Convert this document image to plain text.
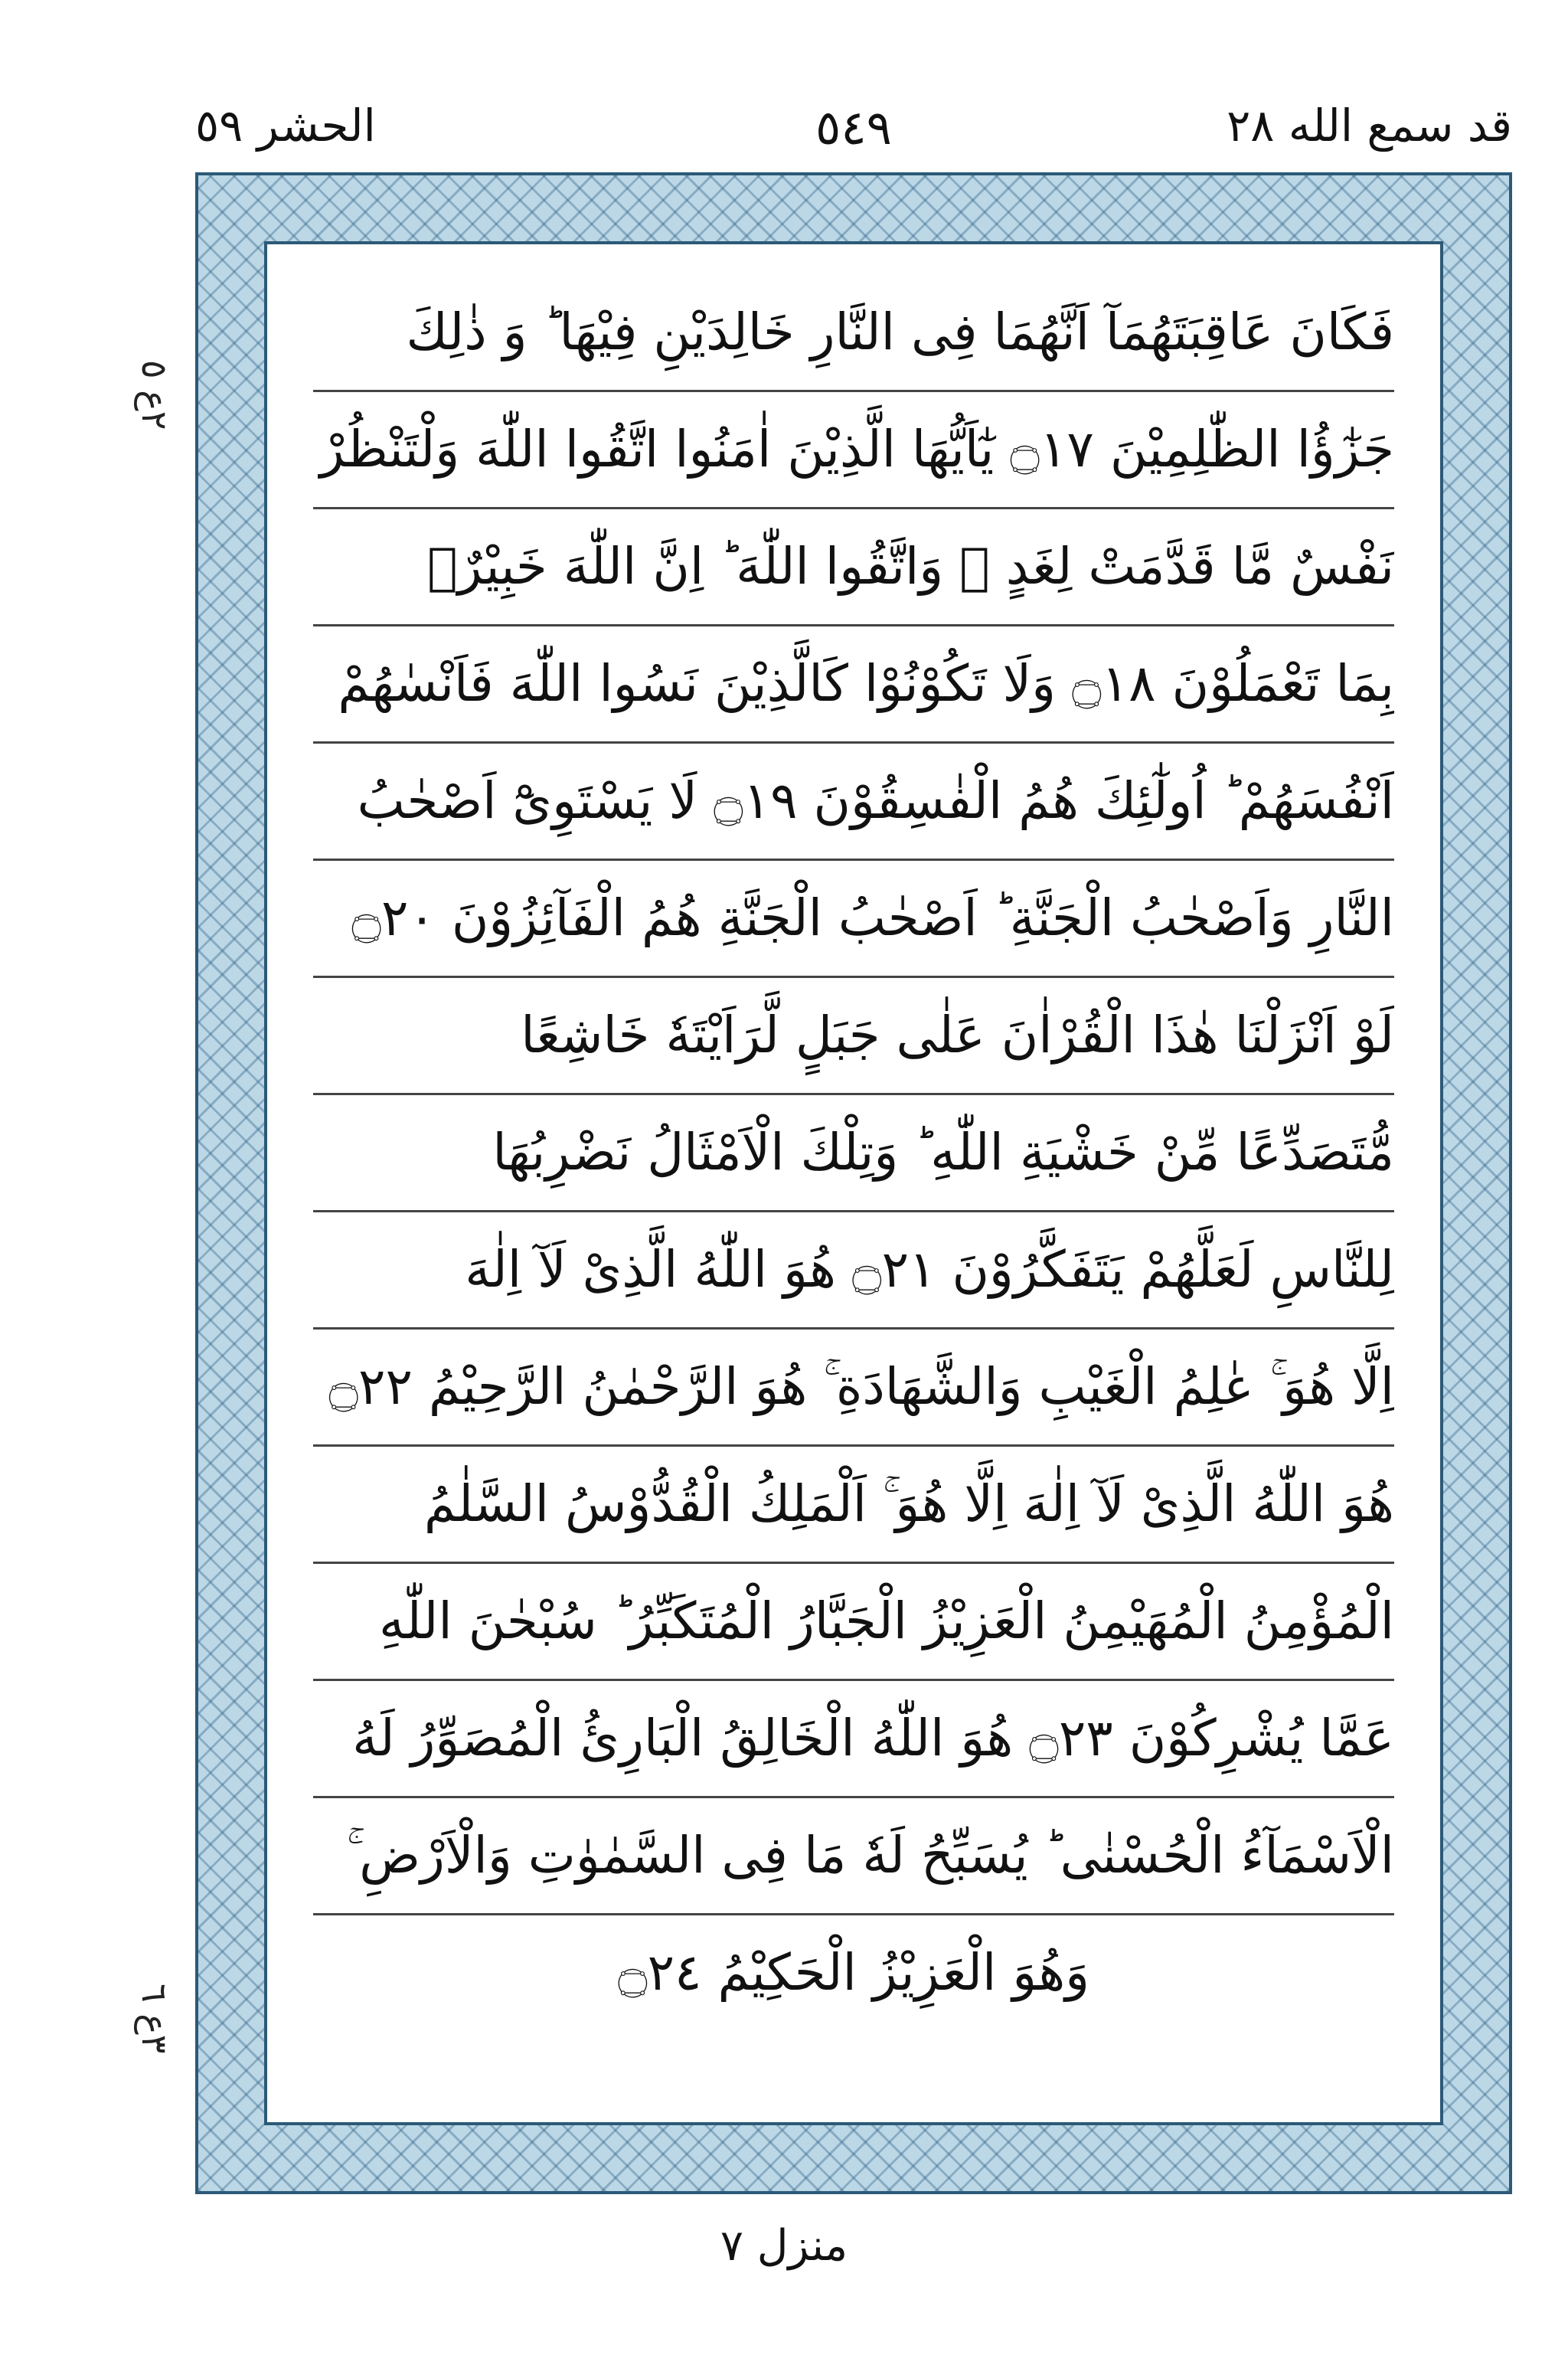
قد سمع الله ٢٨
٥٤٩
الحشر ٥٩
٢ع ٥
٣ع ٦
فَكَانَ عَاقِبَتَهُمَآ اَنَّهُمَا فِى النَّارِ خَالِدَيْنِ فِيْهَا ؕ وَ ذٰلِكَ
جَزٰٓؤُا الظّٰلِمِيْنَ ۝١٧ يٰٓاَيُّهَا الَّذِيْنَ اٰمَنُوا اتَّقُوا اللّٰهَ وَلْتَنْظُرْ
نَفْسٌ مَّا قَدَّمَتْ لِغَدٍ ۚ وَاتَّقُوا اللّٰهَ ؕ اِنَّ اللّٰهَ خَبِيْرٌۢ
بِمَا تَعْمَلُوْنَ ۝١٨ وَلَا تَكُوْنُوْا كَالَّذِيْنَ نَسُوا اللّٰهَ فَاَنْسٰهُمْ
اَنْفُسَهُمْ ؕ اُولٰٓئِكَ هُمُ الْفٰسِقُوْنَ ۝١٩ لَا يَسْتَوِىْٓ اَصْحٰبُ
النَّارِ وَاَصْحٰبُ الْجَنَّةِ ؕ اَصْحٰبُ الْجَنَّةِ هُمُ الْفَآئِزُوْنَ ۝٢٠
لَوْ اَنْزَلْنَا هٰذَا الْقُرْاٰنَ عَلٰى جَبَلٍ لَّرَاَيْتَهٗ خَاشِعًا
مُّتَصَدِّعًا مِّنْ خَشْيَةِ اللّٰهِ ؕ وَتِلْكَ الْاَمْثَالُ نَضْرِبُهَا
لِلنَّاسِ لَعَلَّهُمْ يَتَفَكَّرُوْنَ ۝٢١ هُوَ اللّٰهُ الَّذِىْ لَآ اِلٰهَ
اِلَّا هُوَ ۚ عٰلِمُ الْغَيْبِ وَالشَّهَادَةِ ۚ هُوَ الرَّحْمٰنُ الرَّحِيْمُ ۝٢٢
هُوَ اللّٰهُ الَّذِىْ لَآ اِلٰهَ اِلَّا هُوَ ۚ اَلْمَلِكُ الْقُدُّوْسُ السَّلٰمُ
الْمُؤْمِنُ الْمُهَيْمِنُ الْعَزِيْزُ الْجَبَّارُ الْمُتَكَبِّرُ ؕ سُبْحٰنَ اللّٰهِ
عَمَّا يُشْرِكُوْنَ ۝٢٣ هُوَ اللّٰهُ الْخَالِقُ الْبَارِئُ الْمُصَوِّرُ لَهُ
الْاَسْمَآءُ الْحُسْنٰى ؕ يُسَبِّحُ لَهٗ مَا فِى السَّمٰوٰتِ وَالْاَرْضِ ۚ
وَهُوَ الْعَزِيْزُ الْحَكِيْمُ ۝٢٤
منزل ٧
